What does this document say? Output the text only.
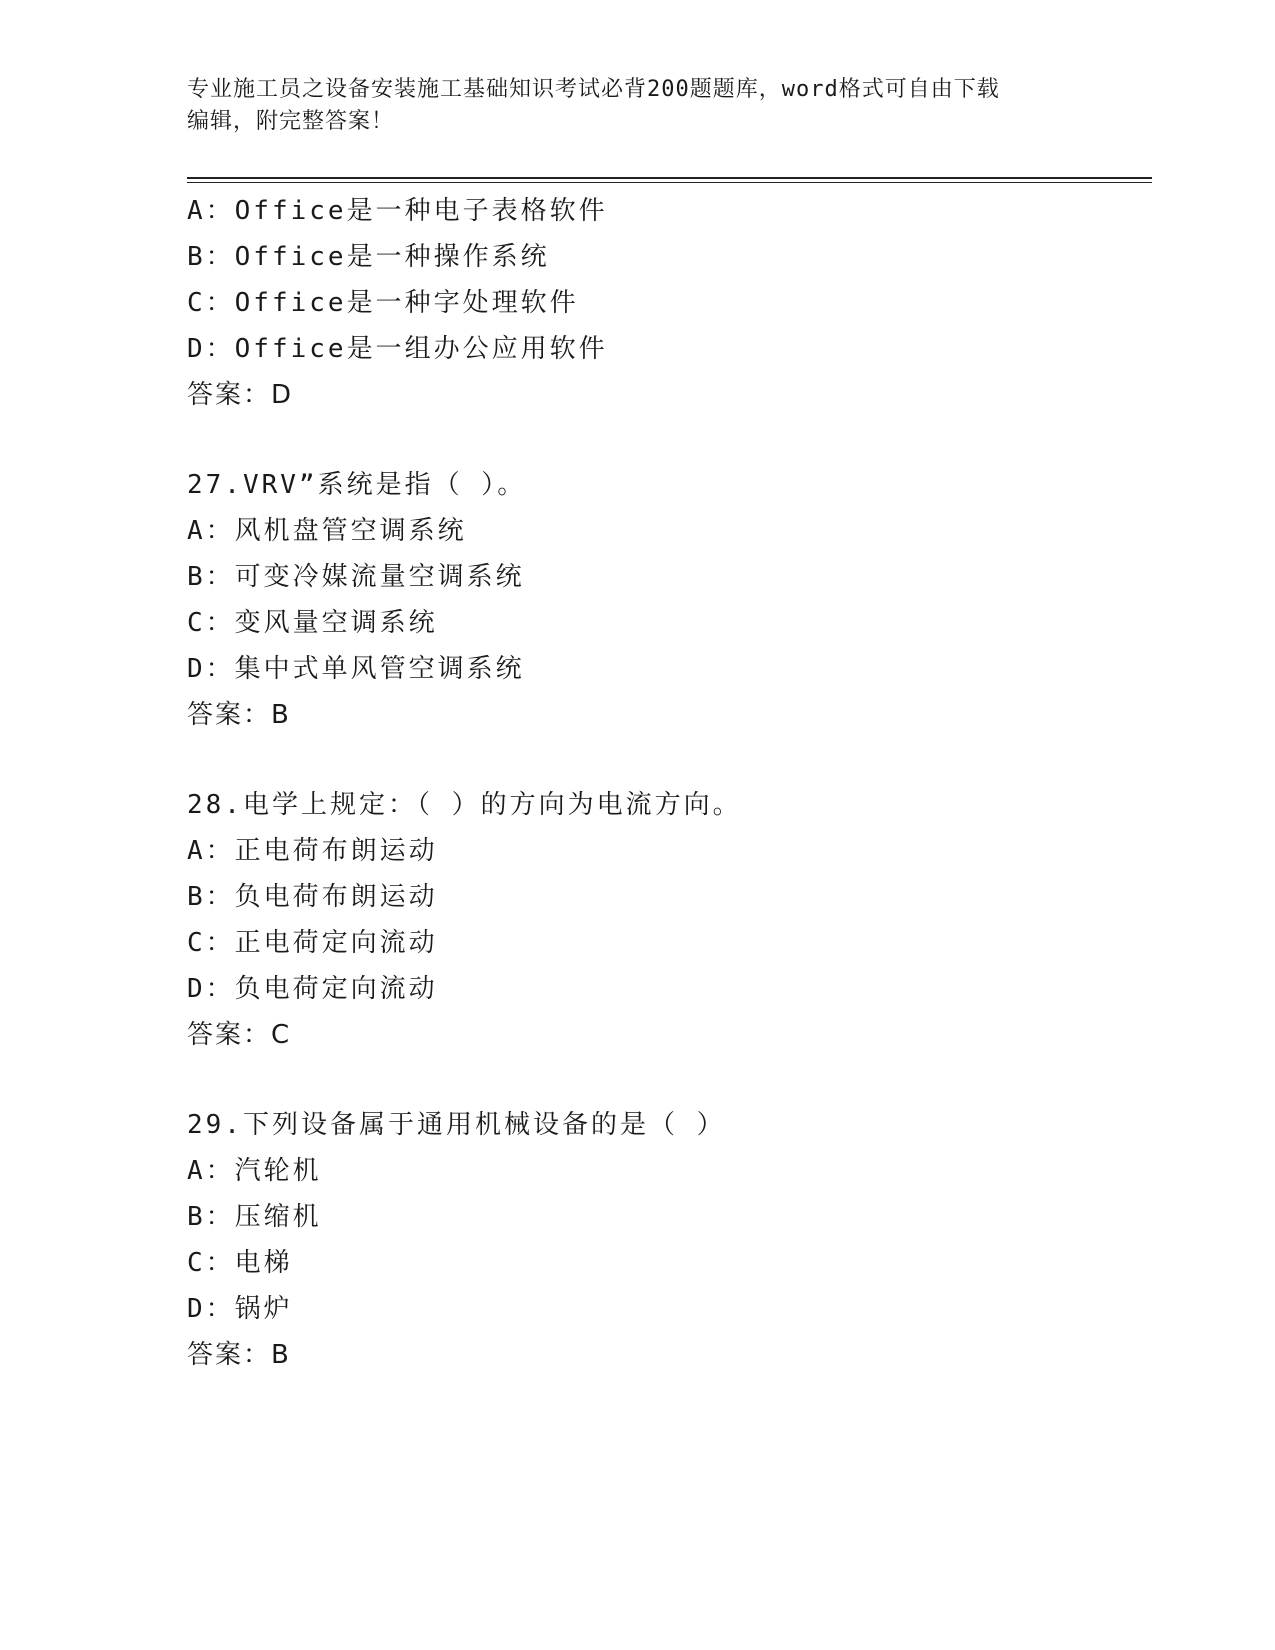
专业施工员之设备安装施工基础知识考试必背200题题库，word格式可自由下载
编辑，附完整答案！
A：Office是一种电子表格软件
B：Office是一种操作系统
C：Office是一种字处理软件
D：Office是一组办公应用软件
答案：D
27.VRV”系统是指（ ）。
A：风机盘管空调系统
B：可变冷媒流量空调系统
C：变风量空调系统
D：集中式单风管空调系统
答案：B
28.电学上规定：（ ）的方向为电流方向。
A：正电荷布朗运动
B：负电荷布朗运动
C：正电荷定向流动
D：负电荷定向流动
答案：C
29.下列设备属于通用机械设备的是（ ）
A：汽轮机
B：压缩机
C：电梯
D：锅炉
答案：B
